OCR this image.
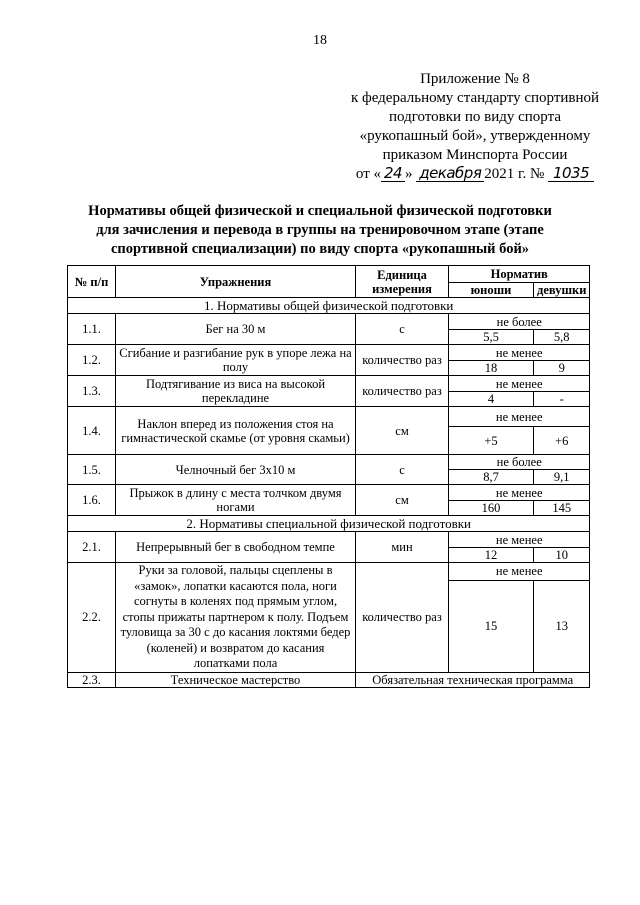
18
Приложение № 8
к федеральному стандарту спортивной
подготовки по виду спорта
«рукопашный бой», утвержденному
приказом Минспорта России
от « 24 » декабря 2021 г. № 1035
Нормативы общей физической и специальной физической подготовки
для зачисления и перевода в группы на тренировочном этапе (этапе
спортивной специализации) по виду спорта «рукопашный бой»
№ п/п	Упражнения	Единица измерения	Норматив	
			юноши	девушки
1. Нормативы общей физической подготовки				
1.1.	Бег на 30 м	с	не более	
			5,5	5,8
1.2.	Сгибание и разгибание рук в упоре лежа на полу	количество раз	не менее	
			18	9
1.3.	Подтягивание из виса на высокой перекладине	количество раз	не менее	
			4	-
1.4.	Наклон вперед из положения стоя на гимнастической скамье (от уровня скамьи)	см	не менее	
			+5	+6
1.5.	Челночный бег 3х10 м	с	не более	
			8,7	9,1
1.6.	Прыжок в длину с места толчком двумя ногами	см	не менее	
			160	145
2. Нормативы специальной физической подготовки				
2.1.	Непрерывный бег в свободном темпе	мин	не менее	
			12	10
2.2.	Руки за головой, пальцы сцеплены в «замок», лопатки касаются пола, ноги согнуты в коленях под прямым углом, стопы прижаты партнером к полу. Подъем туловища за 30 с до касания локтями бедер (коленей) и возвратом до касания лопатками пола	количество раз	не менее	
			15	13
2.3.	Техническое мастерство	Обязательная техническая программа		
